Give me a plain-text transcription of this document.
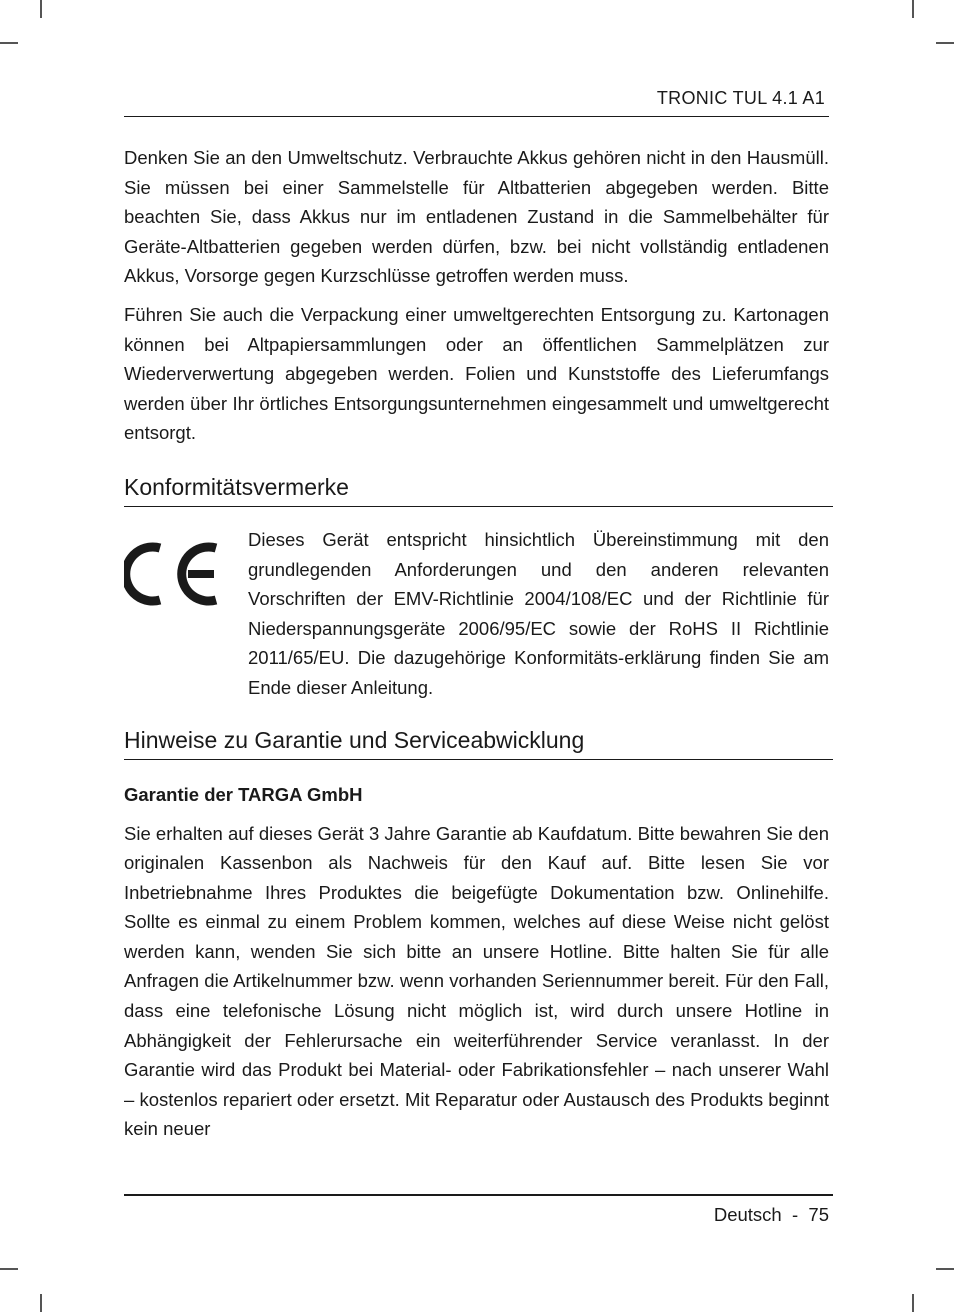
TRONIC TUL 4.1 A1

Denken Sie an den Umweltschutz. Verbrauchte Akkus gehören nicht in den Hausmüll. Sie müssen bei einer Sammelstelle für Altbatterien abgegeben werden. Bitte beachten Sie, dass Akkus nur im entladenen Zustand in die Sammelbehälter für Geräte-Altbatterien gegeben werden dürfen, bzw. bei nicht vollständig entladenen Akkus, Vorsorge gegen Kurzschlüsse getroffen werden muss.

Führen Sie auch die Verpackung einer umweltgerechten Entsorgung zu. Kartonagen können bei Altpapiersammlungen oder an öffentlichen Sammelplätzen zur Wiederverwertung abgegeben werden. Folien und Kunststoffe des Lieferumfangs werden über Ihr örtliches Entsorgungsunternehmen eingesammelt und umweltgerecht entsorgt.

Konformitätsvermerke

Dieses Gerät entspricht hinsichtlich Übereinstimmung mit den grundlegenden Anforderungen und den anderen relevanten Vorschriften der EMV-Richtlinie 2004/108/EC und der Richtlinie für Niederspannungsgeräte 2006/95/EC sowie der RoHS II Richtlinie 2011/65/EU. Die dazugehörige Konformitäts-erklärung finden Sie am Ende dieser Anleitung.

Hinweise zu Garantie und Serviceabwicklung
Garantie der TARGA GmbH

Sie erhalten auf dieses Gerät 3 Jahre Garantie ab Kaufdatum. Bitte bewahren Sie den originalen Kassenbon als Nachweis für den Kauf auf. Bitte lesen Sie vor Inbetriebnahme Ihres Produktes die beigefügte Dokumentation bzw. Onlinehilfe. Sollte es einmal zu einem Problem kommen, welches auf diese Weise nicht gelöst werden kann, wenden Sie sich bitte an unsere Hotline. Bitte halten Sie für alle Anfragen die Artikelnummer bzw. wenn vorhanden Seriennummer bereit. Für den Fall, dass eine telefonische Lösung nicht möglich ist, wird durch unsere Hotline in Abhängigkeit der Fehlerursache ein weiterführender Service veranlasst. In der Garantie wird das Produkt bei Material- oder Fabrikationsfehler – nach unserer Wahl – kostenlos repariert oder ersetzt. Mit Reparatur oder Austausch des Produkts beginnt kein neuer

Deutsch  -  75
